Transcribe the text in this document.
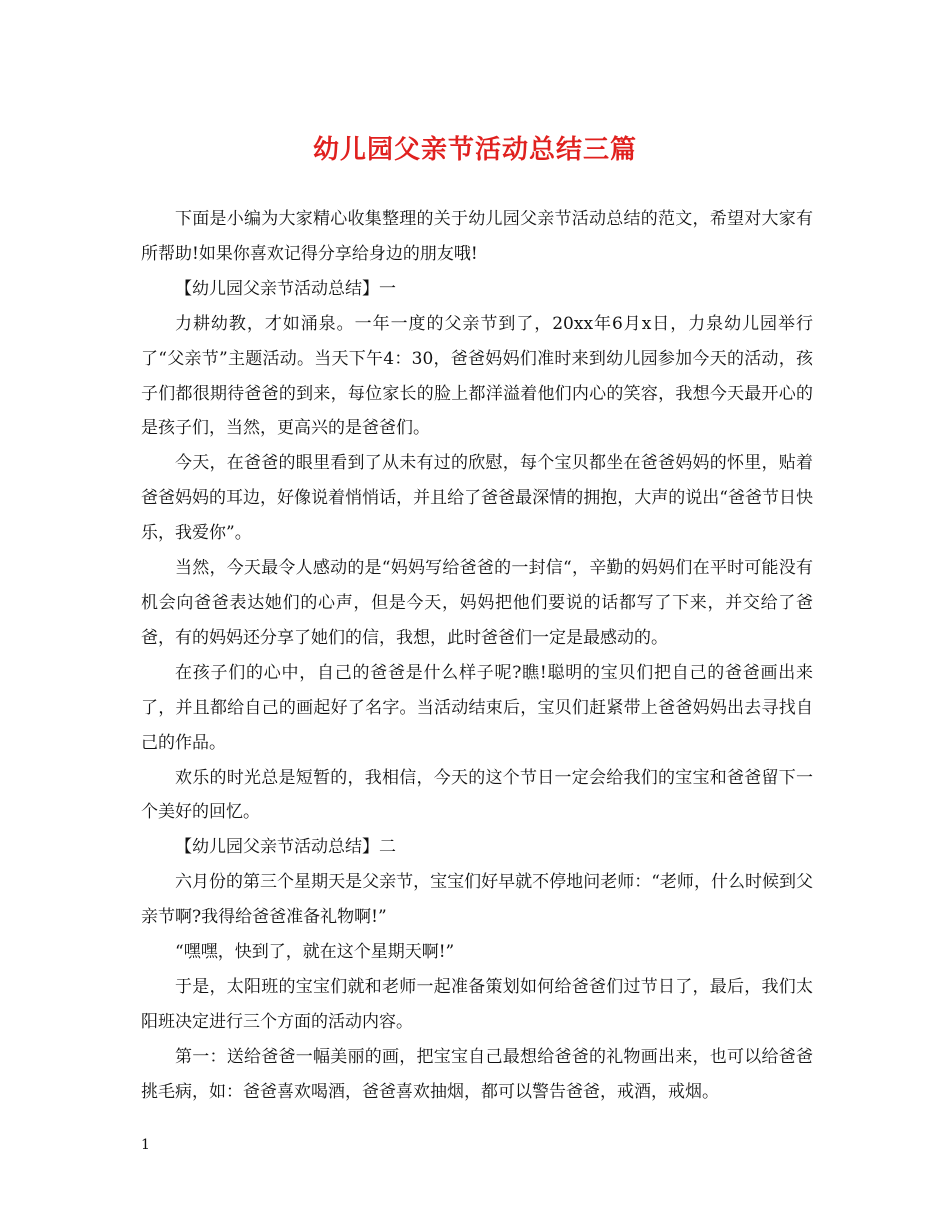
幼儿园父亲节活动总结三篇

下面是小编为大家精心收集整理的关于幼儿园父亲节活动总结的范文，希望对大家有所帮助!如果你喜欢记得分享给身边的朋友哦!

【幼儿园父亲节活动总结】一

力耕幼教，才如涌泉。一年一度的父亲节到了，20xx年6月x日，力泉幼儿园举行了“父亲节”主题活动。当天下午4：30，爸爸妈妈们准时来到幼儿园参加今天的活动，孩子们都很期待爸爸的到来，每位家长的脸上都洋溢着他们内心的笑容，我想今天最开心的是孩子们，当然，更高兴的是爸爸们。

今天，在爸爸的眼里看到了从未有过的欣慰，每个宝贝都坐在爸爸妈妈的怀里，贴着爸爸妈妈的耳边，好像说着悄悄话，并且给了爸爸最深情的拥抱，大声的说出“爸爸节日快乐，我爱你”。

当然，今天最令人感动的是“妈妈写给爸爸的一封信“，辛勤的妈妈们在平时可能没有机会向爸爸表达她们的心声，但是今天，妈妈把他们要说的话都写了下来，并交给了爸爸，有的妈妈还分享了她们的信，我想，此时爸爸们一定是最感动的。

在孩子们的心中，自己的爸爸是什么样子呢?瞧!聪明的宝贝们把自己的爸爸画出来了，并且都给自己的画起好了名字。当活动结束后，宝贝们赶紧带上爸爸妈妈出去寻找自己的作品。

欢乐的时光总是短暂的，我相信，今天的这个节日一定会给我们的宝宝和爸爸留下一个美好的回忆。

【幼儿园父亲节活动总结】二

六月份的第三个星期天是父亲节，宝宝们好早就不停地问老师：“老师，什么时候到父亲节啊?我得给爸爸准备礼物啊!”

“嘿嘿，快到了，就在这个星期天啊!”

于是，太阳班的宝宝们就和老师一起准备策划如何给爸爸们过节日了，最后，我们太阳班决定进行三个方面的活动内容。

第一：送给爸爸一幅美丽的画，把宝宝自己最想给爸爸的礼物画出来，也可以给爸爸挑毛病，如：爸爸喜欢喝酒，爸爸喜欢抽烟，都可以警告爸爸，戒酒，戒烟。

1
